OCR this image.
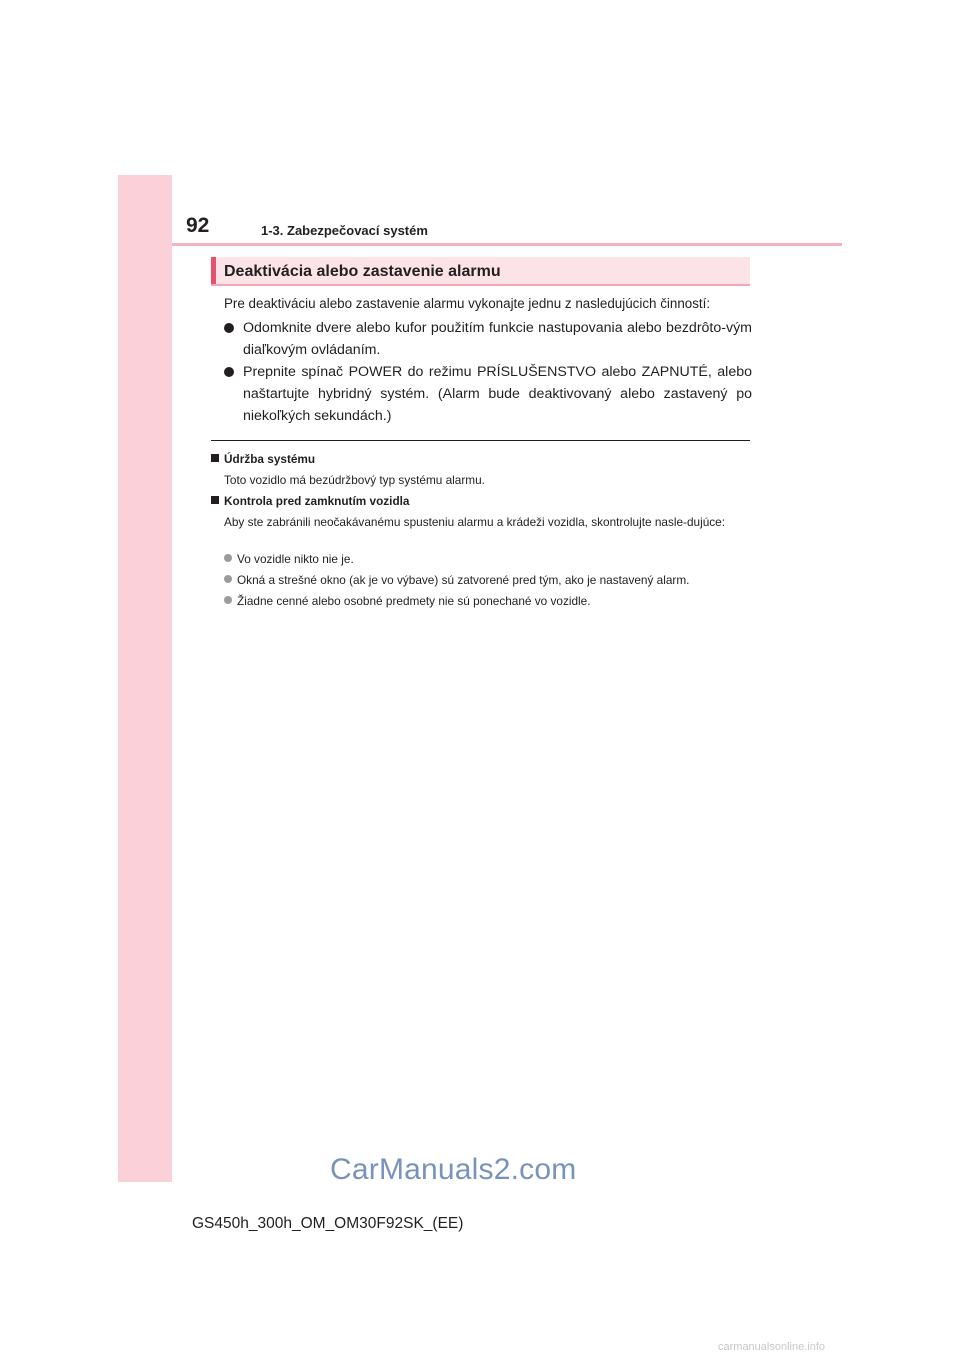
92	1-3. Zabezpečovací systém
Deaktivácia alebo zastavenie alarmu
Pre deaktiváciu alebo zastavenie alarmu vykonajte jednu z nasledujúcich činností:
Odomknite dvere alebo kufor použitím funkcie nastupovania alebo bezdrôto-vým diaľkovým ovládaním.
Prepnite spínač POWER do režimu PRÍSLUŠENSTVO alebo ZAPNUTÉ, alebo naštartujte hybridný systém. (Alarm bude deaktivovaný alebo zastavený po niekoľkých sekundách.)
Údržba systému
Toto vozidlo má bezúdržbový typ systému alarmu.
Kontrola pred zamknutím vozidla
Aby ste zabránili neočakávanému spusteniu alarmu a krádeži vozidla, skontrolujte nasle-dujúce:
Vo vozidle nikto nie je.
Okná a strešné okno (ak je vo výbave) sú zatvorené pred tým, ako je nastavený alarm.
Žiadne cenné alebo osobné predmety nie sú ponechané vo vozidle.
CarManuals2.com
GS450h_300h_OM_OM30F92SK_(EE)
carmanualsonline.info
